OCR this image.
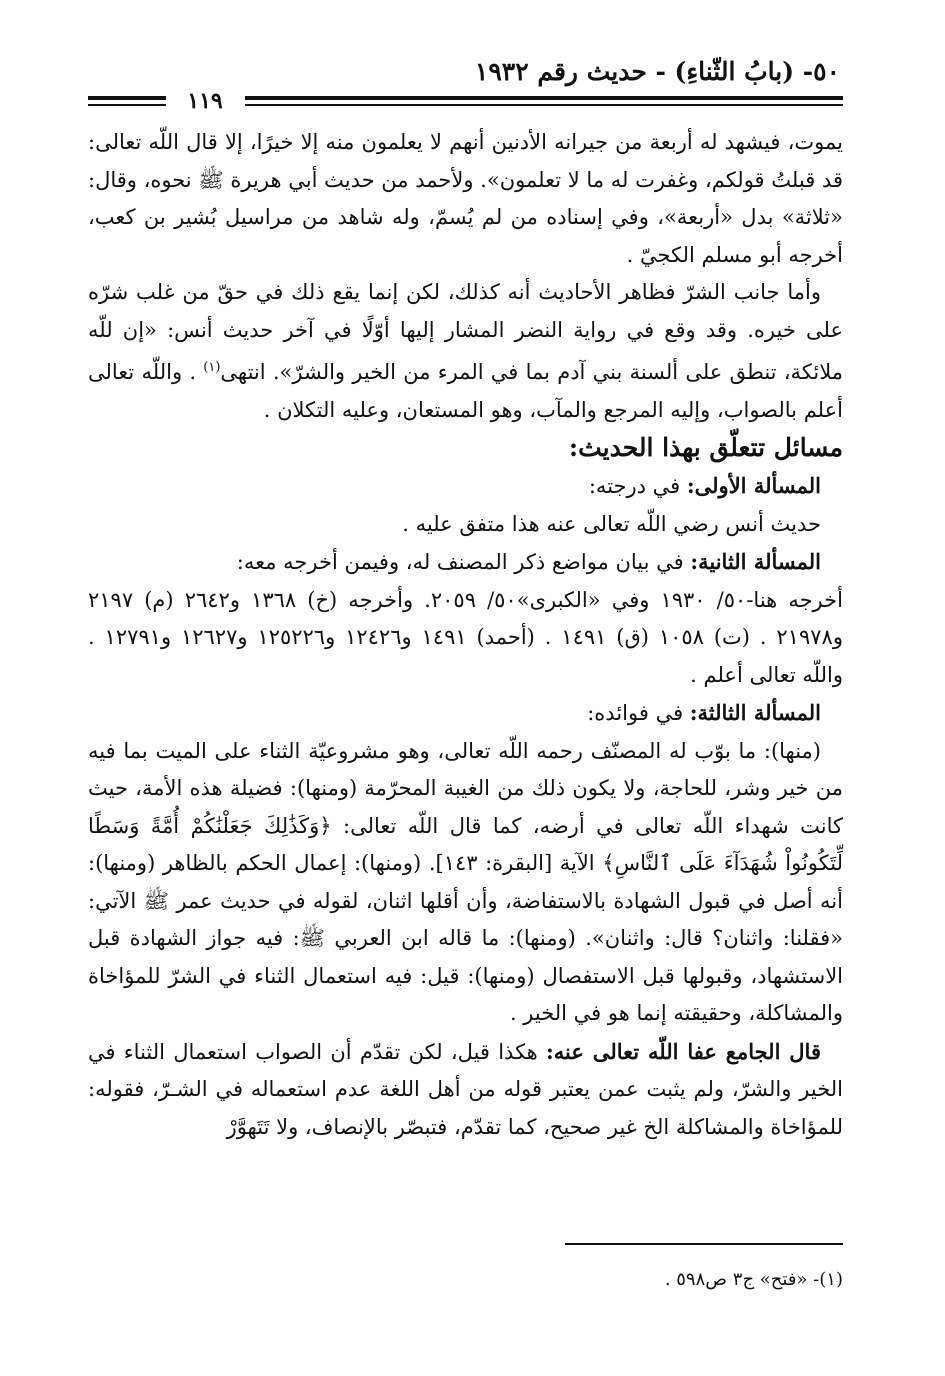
٥٠- (بابُ الثّناءِ) - حديث رقم ١٩٣٢
١١٩

يموت، فيشهد له أربعة من جيرانه الأدنين أنهم لا يعلمون منه إلا خيرًا، إلا قال اللّه تعالى: قد قبلتُ قولكم، وغفرت له ما لا تعلمون». ولأحمد من حديث أبي هريرة ﷺ نحوه، وقال: «ثلاثة» بدل «أربعة»، وفي إسناده من لم يُسمّ، وله شاهد من مراسيل بُشير بن كعب، أخرجه أبو مسلم الكجيّ .

وأما جانب الشرّ فظاهر الأحاديث أنه كذلك، لكن إنما يقع ذلك في حقّ من غلب شرّه على خيره. وقد وقع في رواية النضر المشار إليها أوّلًا في آخر حديث أنس: «إن للّه ملائكة، تنطق على ألسنة بني آدم بما في المرء من الخير والشرّ». انتهى$^{(١)}$ . واللّه تعالى أعلم بالصواب، وإليه المرجع والمآب، وهو المستعان، وعليه التكلان .

مسائل تتعلّق بهذا الحديث:

المسألة الأولى: في درجته:

حديث أنس رضي اللّه تعالى عنه هذا متفق عليه .

المسألة الثانية: في بيان مواضع ذكر المصنف له، وفيمن أخرجه معه:

أخرجه هنا-٥٠/ ١٩٣٠ وفي «الكبرى»٥٠/ ٢٠٥٩. وأخرجه (خ) ١٣٦٨ و٢٦٤٢ (م) ٢١٩٧ و٢١٩٧٨ . (ت) ١٠٥٨ (ق) ١٤٩١ . (أحمد) ١٤٩١ و١٢٤٢٦ و١٢٥٢٢٦ و١٢٦٢٧ و١٢٧٩١ . واللّه تعالى أعلم .

المسألة الثالثة: في فوائده:

(منها): ما بوّب له المصنّف رحمه اللّه تعالى، وهو مشروعيّة الثناء على الميت بما فيه من خير وشر، للحاجة، ولا يكون ذلك من الغيبة المحرّمة (ومنها): فضيلة هذه الأمة، حيث كانت شهداء اللّه تعالى في أرضه، كما قال اللّه تعالى: ﴿وَكَذَٰلِكَ جَعَلْنَٰكُمْ أُمَّةً وَسَطًا لِّتَكُونُواْ شُهَدَآءَ عَلَى ٱلنَّاسِ﴾ الآية [البقرة: ١٤٣]. (ومنها): إعمال الحكم بالظاهر (ومنها): أنه أصل في قبول الشهادة بالاستفاضة، وأن أقلها اثنان، لقوله في حديث عمر ﷺ الآتي: «فقلنا: واثنان؟ قال: واثنان». (ومنها): ما قاله ابن العربي ﷺ: فيه جواز الشهادة قبل الاستشهاد، وقبولها قبل الاستفصال (ومنها): قيل: فيه استعمال الثناء في الشرّ للمؤاخاة والمشاكلة، وحقيقته إنما هو في الخير .

قال الجامع عفا اللّه تعالى عنه: هكذا قيل، لكن تقدّم أن الصواب استعمال الثناء في الخير والشرّ، ولم يثبت عمن يعتبر قوله من أهل اللغة عدم استعماله في الشـرّ، فقوله: للمؤاخاة والمشاكلة الخ غير صحيح، كما تقدّم، فتبصّر بالإنصاف، ولا تَتَهوَّرْ

(١)- «فتح» ج٣ ص٥٩٨ .
